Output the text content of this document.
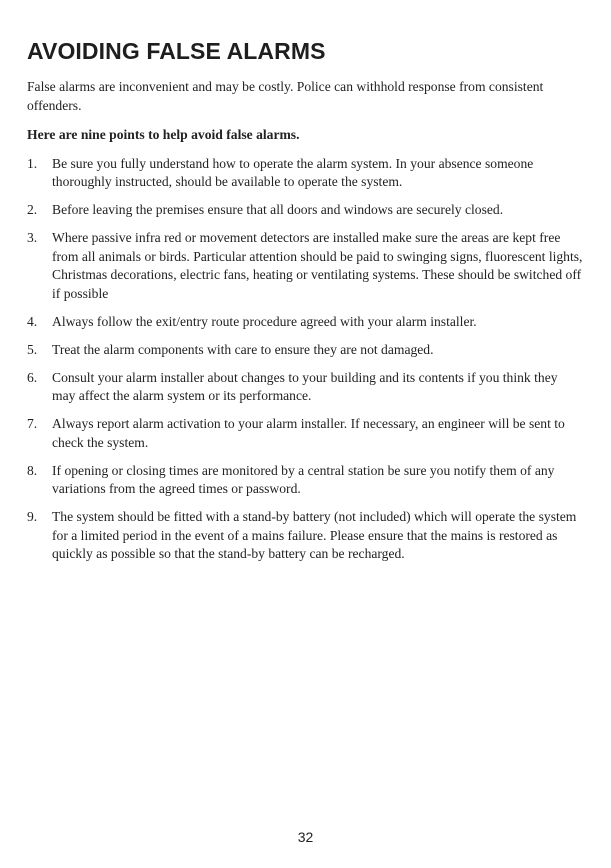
AVOIDING FALSE ALARMS

False alarms are inconvenient and may be costly. Police can withhold response from consistent offenders.

Here are nine points to help avoid false alarms.

1.	Be sure you fully understand how to operate the alarm system. In your absence someone thoroughly instructed, should be available to operate the system.
2.	Before leaving the premises ensure that all doors and windows are securely closed.
3.	Where passive infra red or movement detectors are installed make sure the areas are kept free from all animals or birds. Particular attention should be paid to swinging signs, fluorescent lights, Christmas decorations, electric fans, heating or ventilating systems. These should be switched off if possible
4.	Always follow the exit/entry route procedure agreed with your alarm installer.
5.	Treat the alarm components with care to ensure they are not damaged.
6.	Consult your alarm installer about changes to your building and its contents if you think they may affect the alarm system or its performance.
7.	Always report alarm activation to your alarm installer. If necessary, an engineer will be sent to check the system.
8.	If opening or closing times are monitored by a central station be sure you notify them of any variations from the agreed times or password.
9.	The system should be fitted with a stand-by battery (not included) which will operate the system for a limited period in the event of a mains failure. Please ensure that the mains is restored as quickly as possible so that the stand-by battery can be recharged.
32
